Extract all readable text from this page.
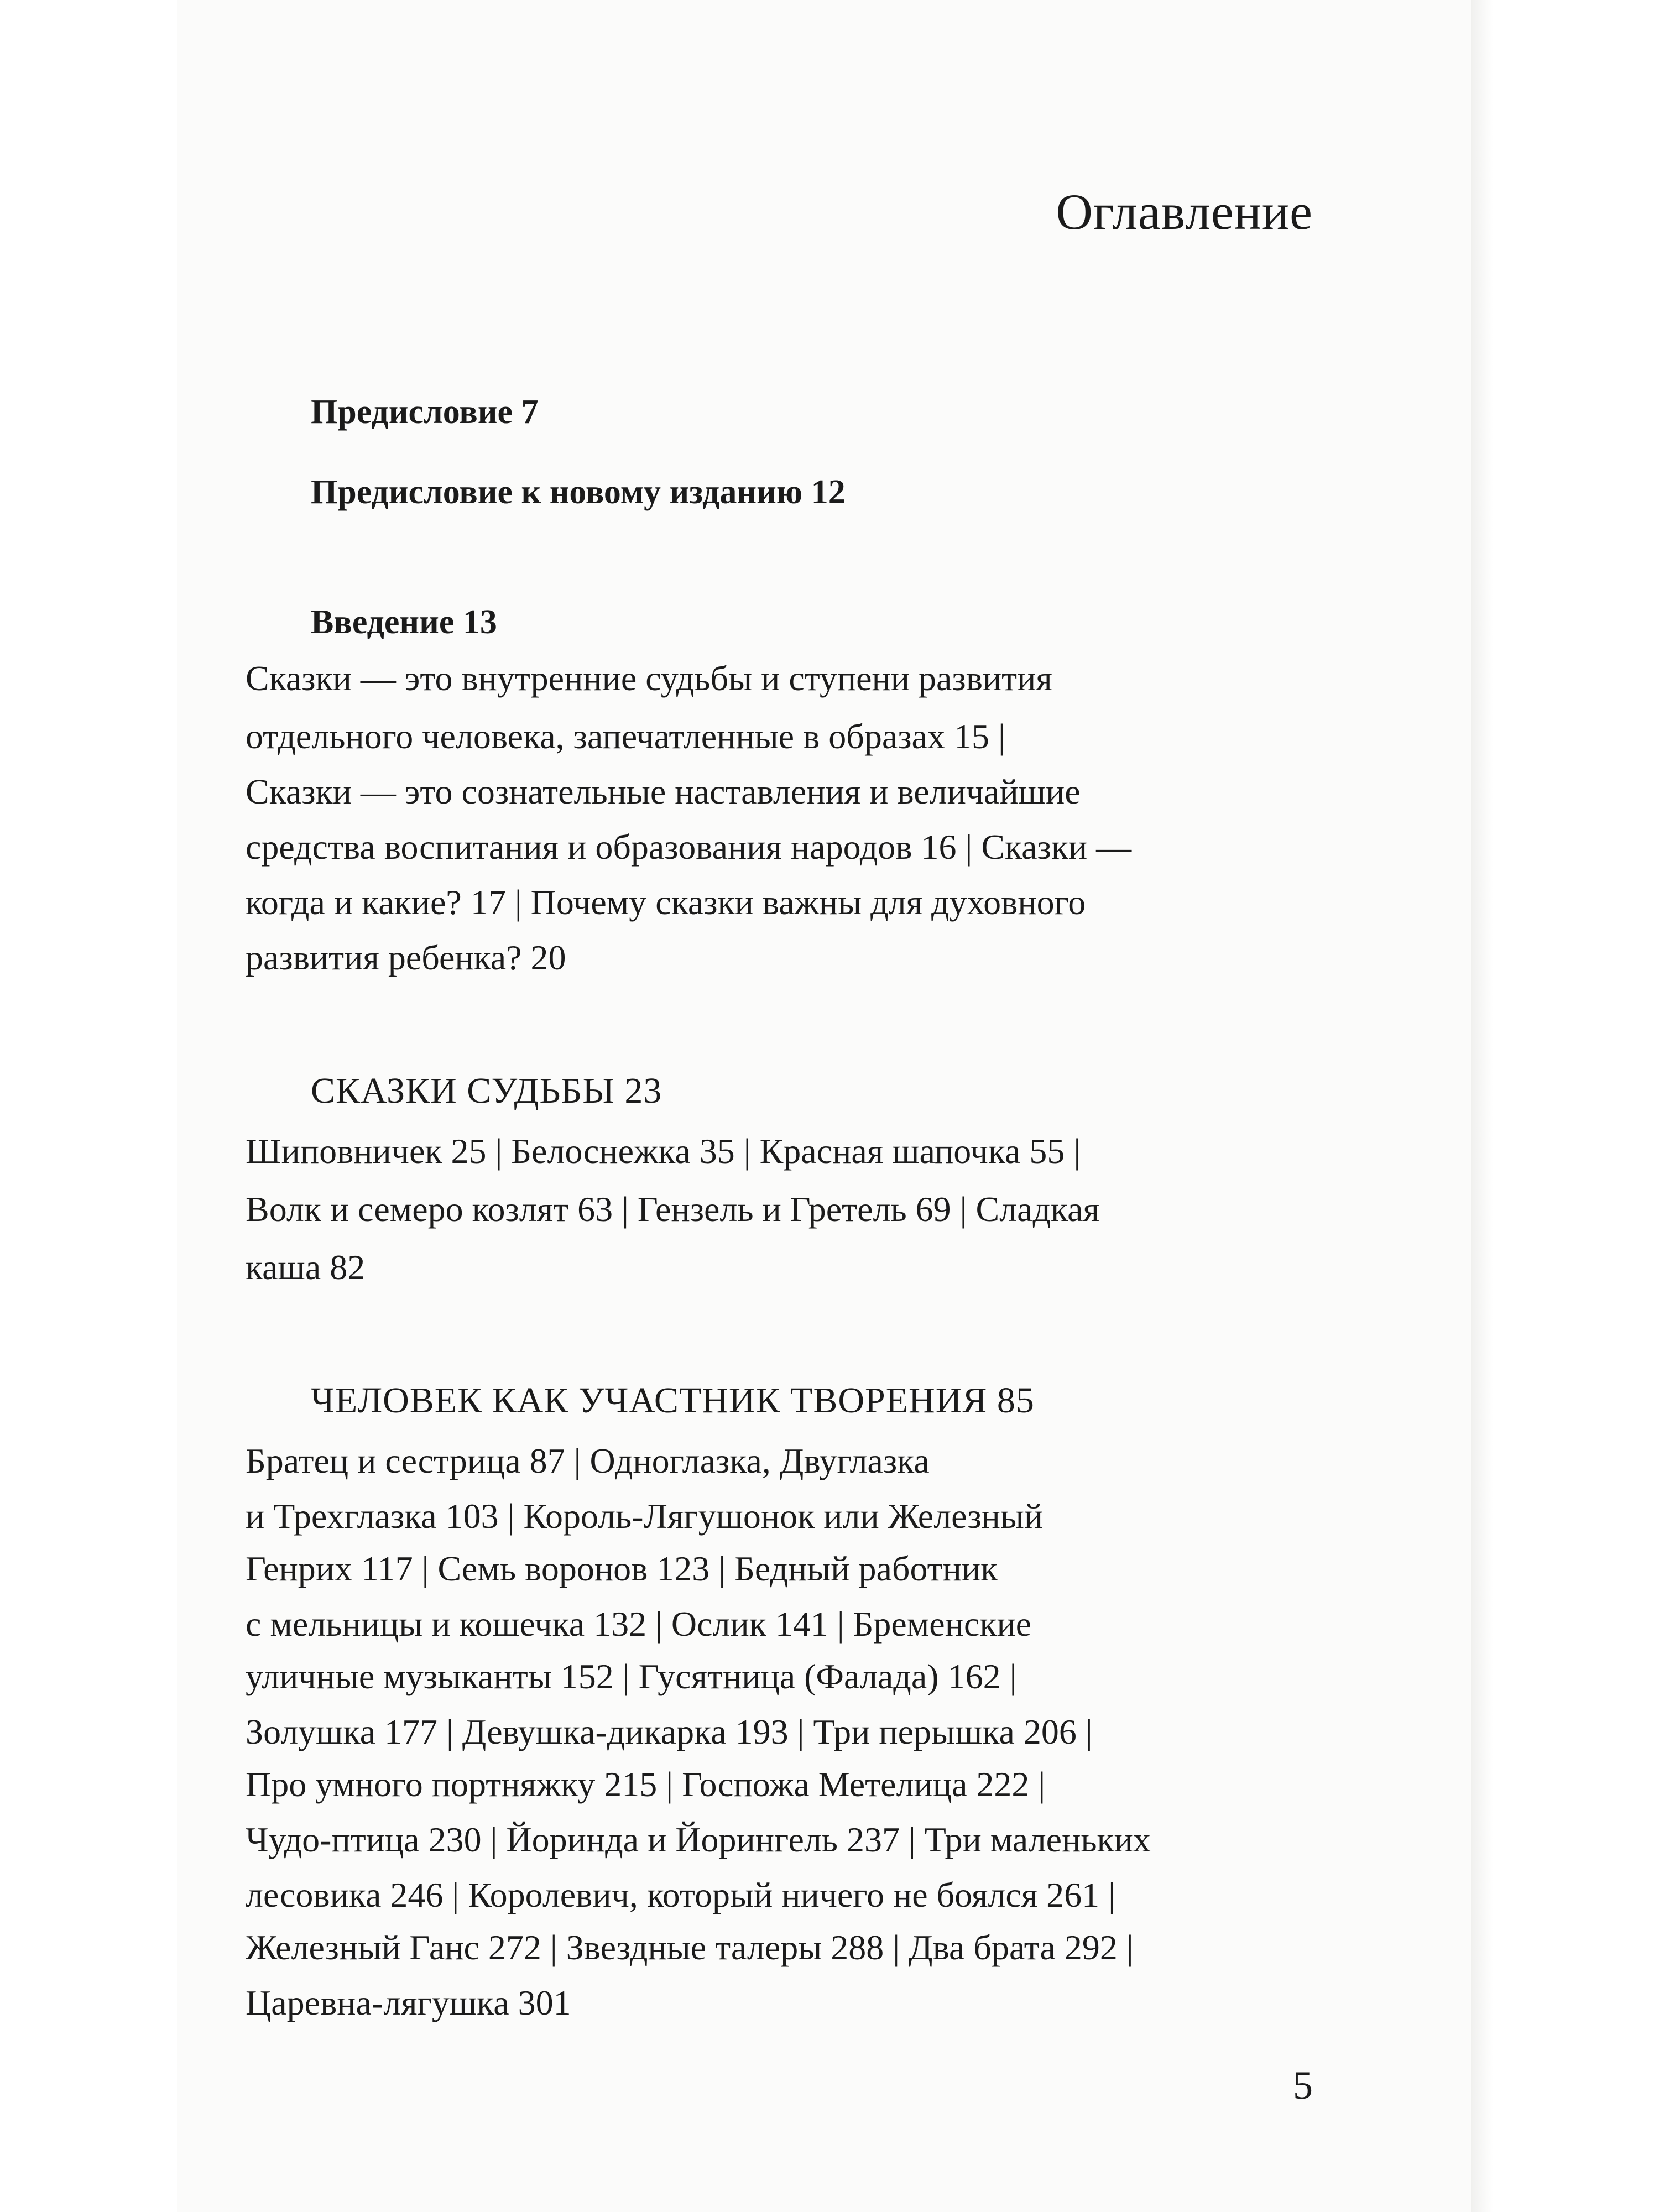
Оглавление
Предисловие 7
Предисловие к новому изданию 12
Введение 13
Сказки — это внутренние судьбы и ступени развития
отдельного человека, запечатленные в образах 15 |
Сказки — это сознательные наставления и величайшие
средства воспитания и образования народов 16 | Сказки —
когда и какие? 17 | Почему сказки важны для духовного
развития ребенка? 20
СКАЗКИ СУДЬБЫ 23
Шиповничек 25 | Белоснежка 35 | Красная шапочка 55 |
Волк и семеро козлят 63 | Гензель и Гретель 69 | Сладкая
каша 82
ЧЕЛОВЕК КАК УЧАСТНИК ТВОРЕНИЯ 85
Братец и сестрица 87 | Одноглазка, Двуглазка
и Трехглазка 103 | Король-Лягушонок или Железный
Генрих 117 | Семь воронов 123 | Бедный работник
с мельницы и кошечка 132 | Ослик 141 | Бременские
уличные музыканты 152 | Гусятница (Фалада) 162 |
Золушка 177 | Девушка-дикарка 193 | Три перышка 206 |
Про умного портняжку 215 | Госпожа Метелица 222 |
Чудо-птица 230 | Йоринда и Йорингель 237 | Три маленьких
лесовика 246 | Королевич, который ничего не боялся 261 |
Железный Ганс 272 | Звездные талеры 288 | Два брата 292 |
Царевна-лягушка 301
5
